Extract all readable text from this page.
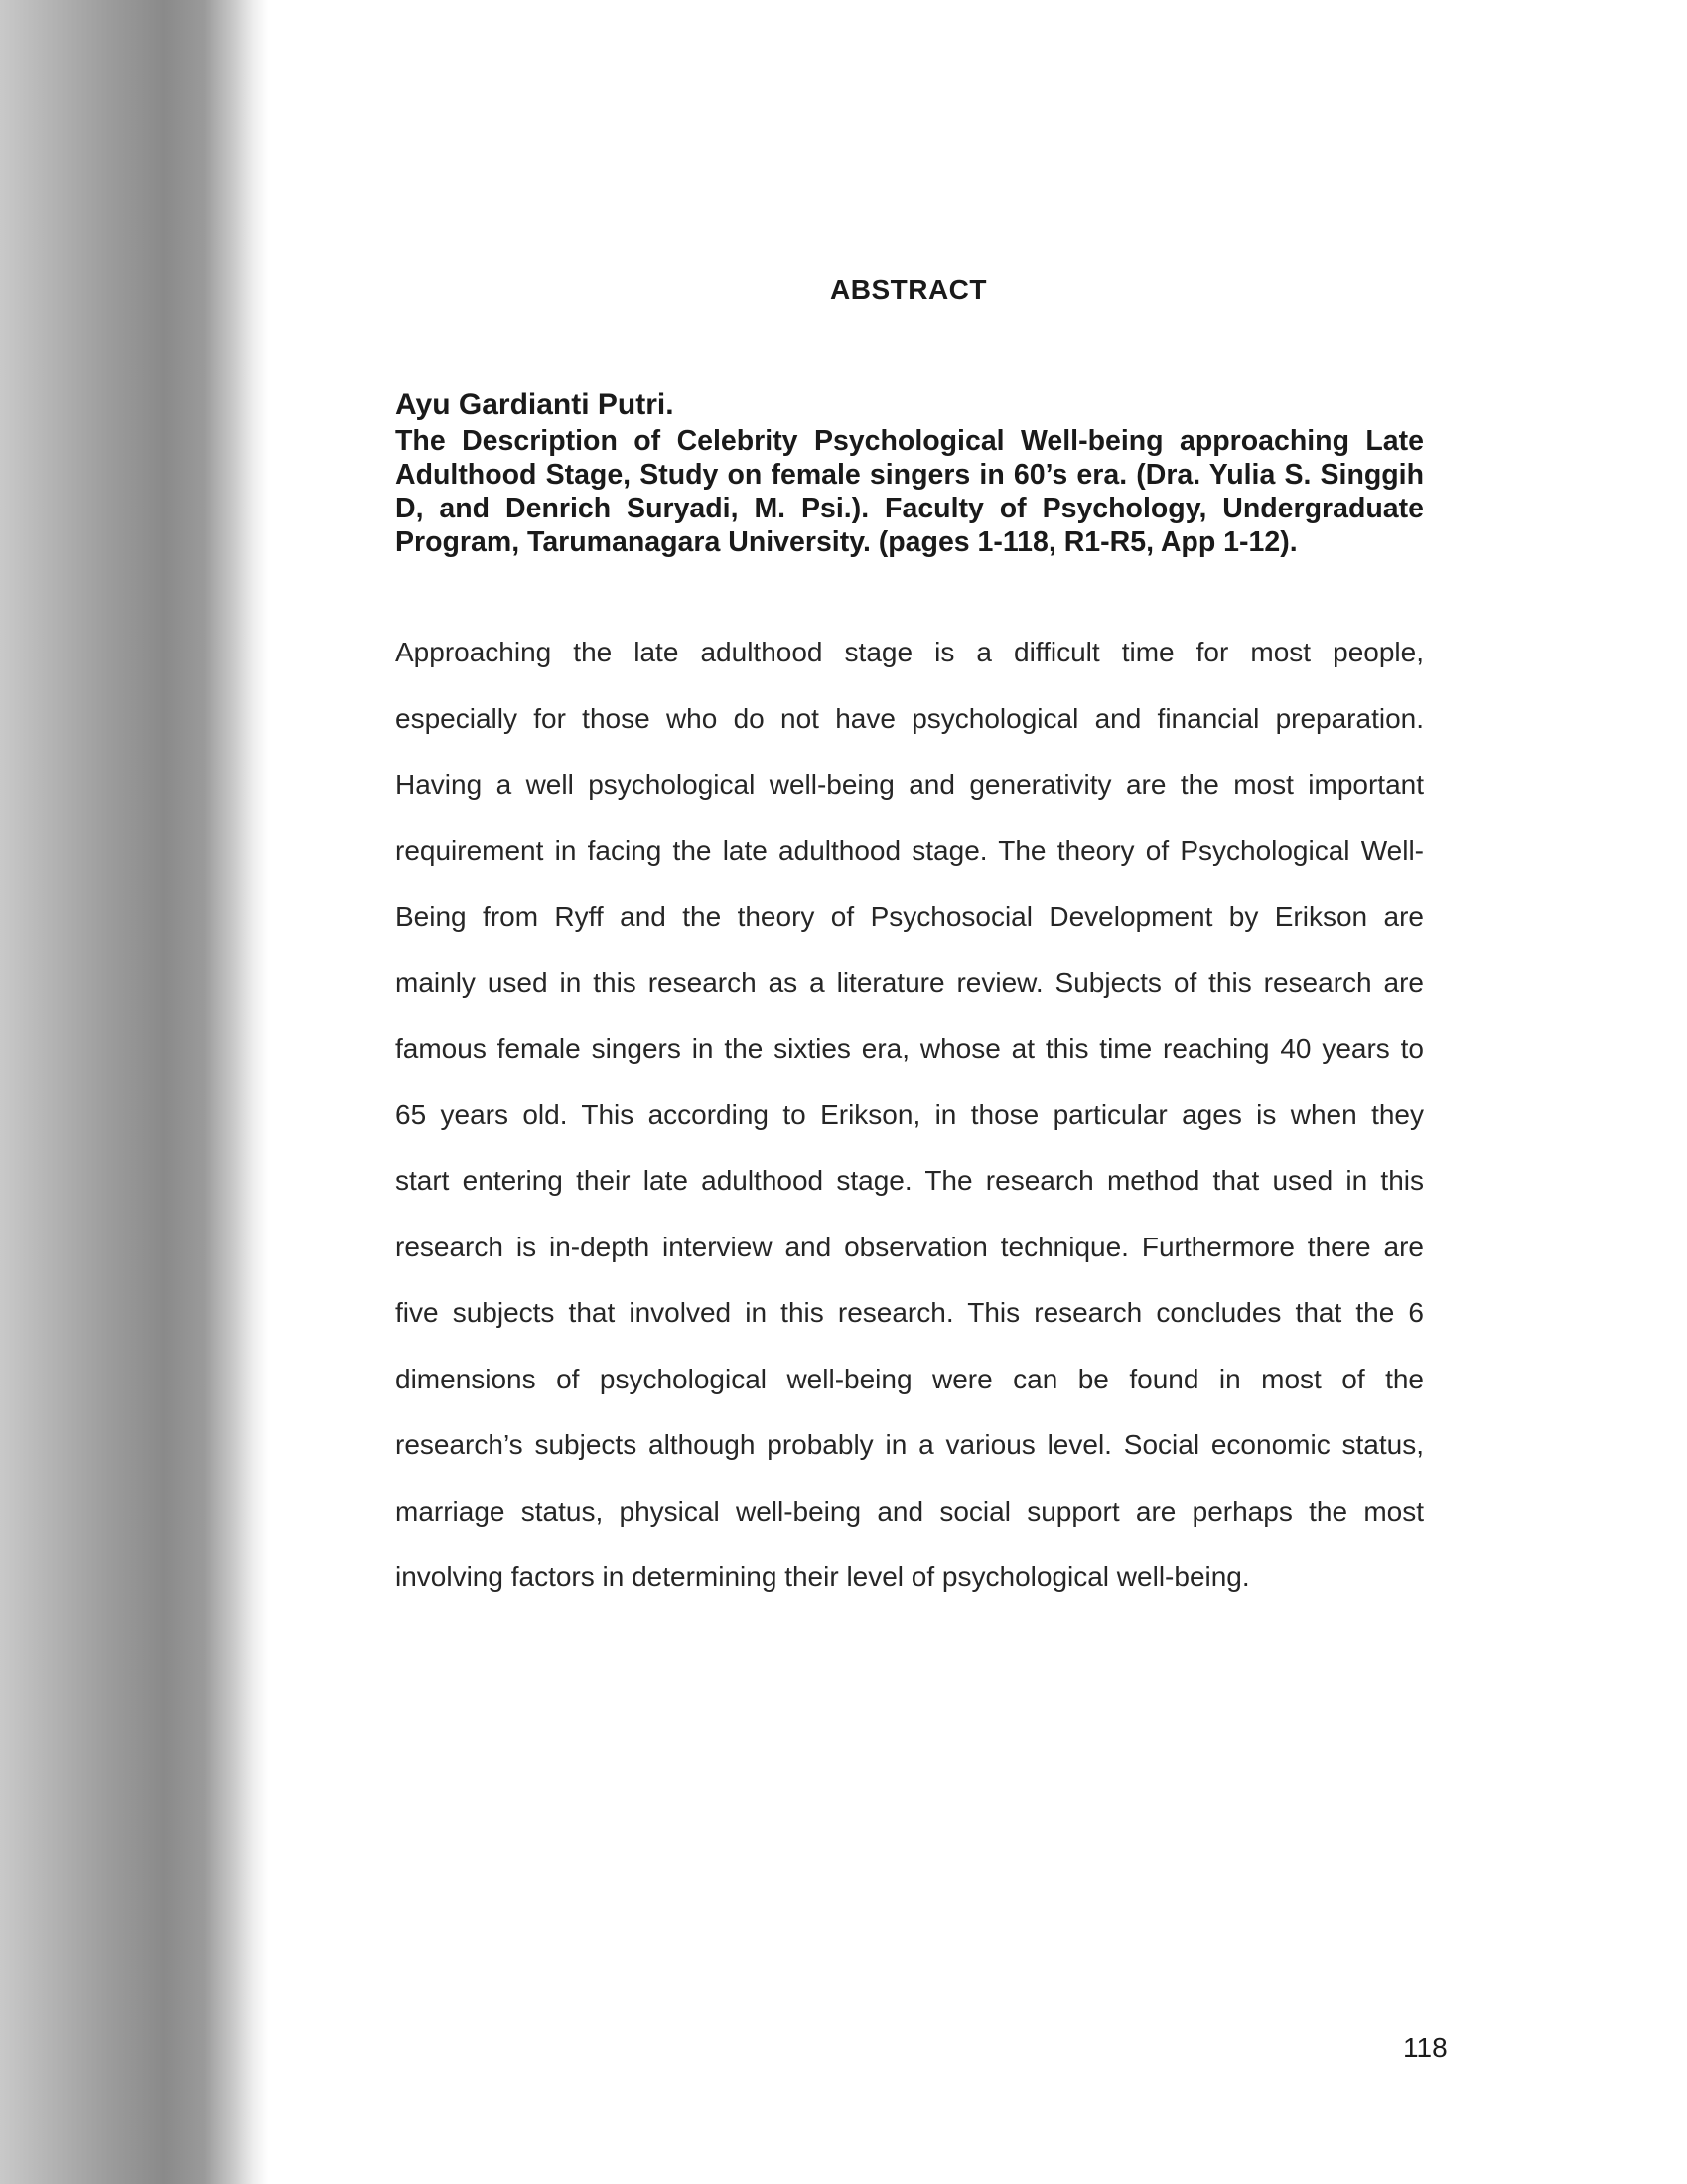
ABSTRACT
Ayu Gardianti Putri.
The Description of Celebrity Psychological Well-being approaching Late
Adulthood Stage, Study on female singers in 60’s era. (Dra. Yulia S. Singgih
D, and Denrich Suryadi, M. Psi.). Faculty of Psychology, Undergraduate
Program, Tarumanagara University. (pages 1-118, R1-R5, App 1-12).
Approaching the late adulthood stage is a difficult time for most people,
especially for those who do not have psychological and financial preparation.
Having a well psychological well-being and generativity are the most important
requirement in facing the late adulthood stage. The theory of Psychological Well-
Being from Ryff and the theory of Psychosocial Development by Erikson are
mainly used in this research as a literature review. Subjects of this research are
famous female singers in the sixties era, whose at this time reaching 40 years to
65 years old. This according to Erikson, in those particular ages is when they
start entering their late adulthood stage. The research method that used in this
research is in-depth interview and observation technique. Furthermore there are
five subjects that involved in this research. This research concludes that the 6
dimensions of psychological well-being were can be found in most of the
research’s subjects although probably in a various level. Social economic status,
marriage status, physical well-being and social support are perhaps the most
involving factors in determining their level of psychological well-being.
118
